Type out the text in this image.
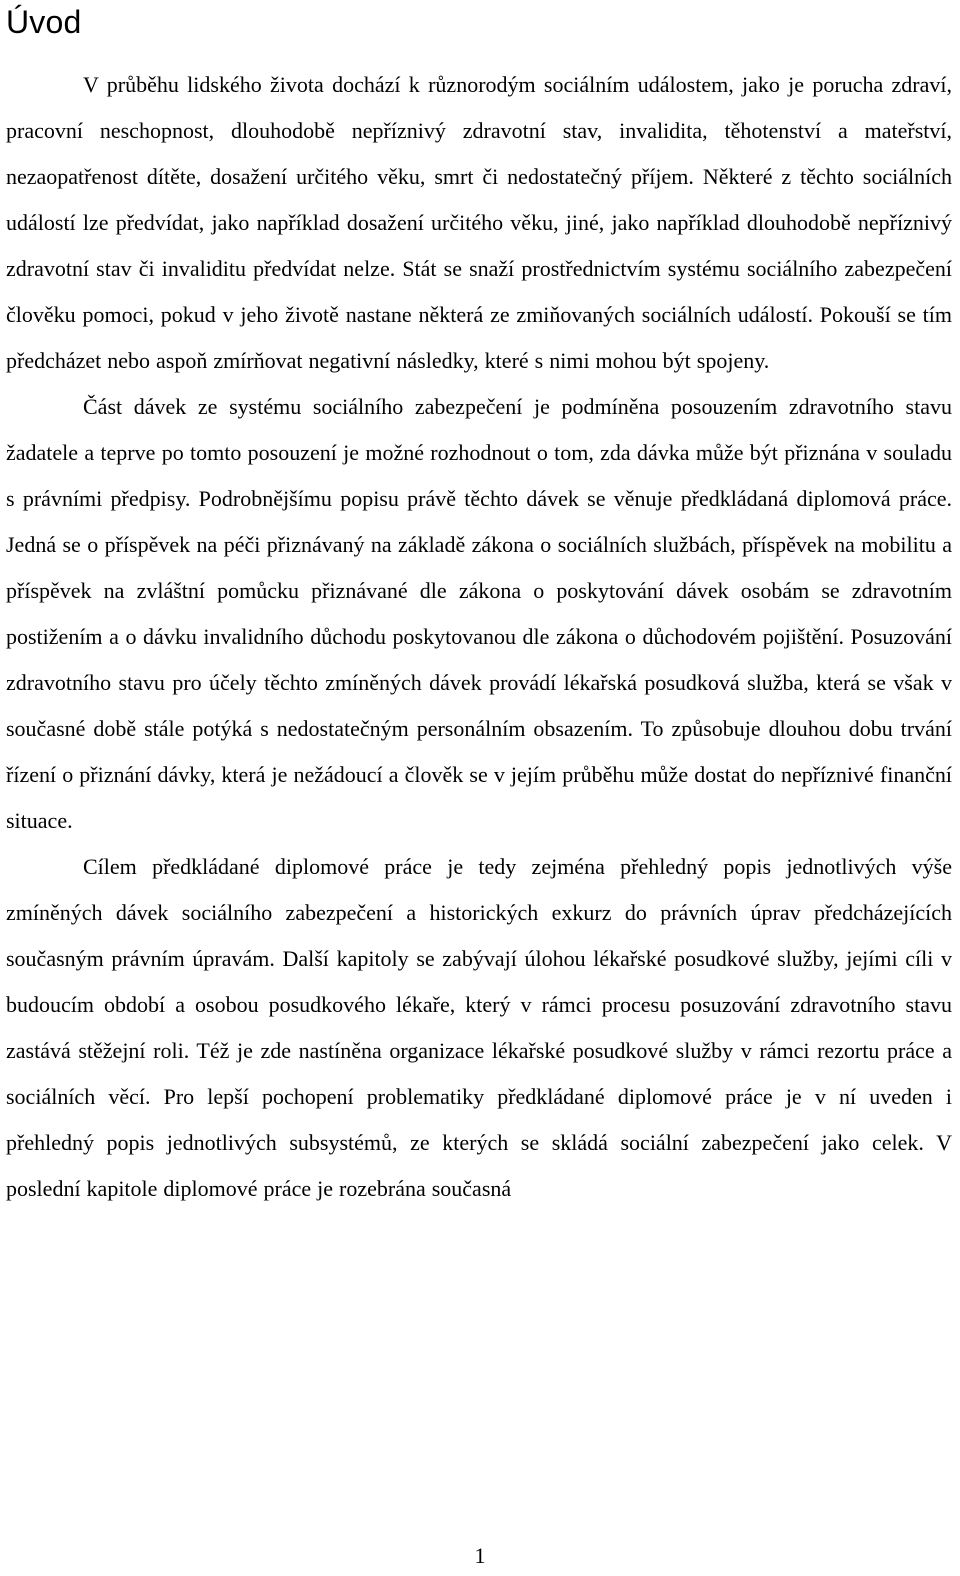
Úvod

V průběhu lidského života dochází k různorodým sociálním událostem, jako je porucha zdraví, pracovní neschopnost, dlouhodobě nepříznivý zdravotní stav, invalidita, těhotenství a mateřství, nezaopatřenost dítěte, dosažení určitého věku, smrt či nedostatečný příjem. Některé z těchto sociálních událostí lze předvídat, jako například dosažení určitého věku, jiné, jako například dlouhodobě nepříznivý zdravotní stav či invaliditu předvídat nelze. Stát se snaží prostřednictvím systému sociálního zabezpečení člověku pomoci, pokud v jeho životě nastane některá ze zmiňovaných sociálních událostí. Pokouší se tím předcházet nebo aspoň zmírňovat negativní následky, které s nimi mohou být spojeny.

Část dávek ze systému sociálního zabezpečení je podmíněna posouzením zdravotního stavu žadatele a teprve po tomto posouzení je možné rozhodnout o tom, zda dávka může být přiznána v souladu s právními předpisy. Podrobnějšímu popisu právě těchto dávek se věnuje předkládaná diplomová práce. Jedná se o příspěvek na péči přiznávaný na základě zákona o sociálních službách, příspěvek na mobilitu a příspěvek na zvláštní pomůcku přiznávané dle zákona o poskytování dávek osobám se zdravotním postižením a o dávku invalidního důchodu poskytovanou dle zákona o důchodovém pojištění. Posuzování zdravotního stavu pro účely těchto zmíněných dávek provádí lékařská posudková služba, která se však v současné době stále potýká s nedostatečným personálním obsazením. To způsobuje dlouhou dobu trvání řízení o přiznání dávky, která je nežádoucí a člověk se v jejím průběhu může dostat do nepříznivé finanční situace.

Cílem předkládané diplomové práce je tedy zejména přehledný popis jednotlivých výše zmíněných dávek sociálního zabezpečení a historických exkurz do právních úprav předcházejících současným právním úpravám. Další kapitoly se zabývají úlohou lékařské posudkové služby, jejími cíli v budoucím období a osobou posudkového lékaře, který v rámci procesu posuzování zdravotního stavu zastává stěžejní roli. Též je zde nastíněna organizace lékařské posudkové služby v rámci rezortu práce a sociálních věcí. Pro lepší pochopení problematiky předkládané diplomové práce je v ní uveden i přehledný popis jednotlivých subsystémů, ze kterých se skládá sociální zabezpečení jako celek. V poslední kapitole diplomové práce je rozebrána současná

1
